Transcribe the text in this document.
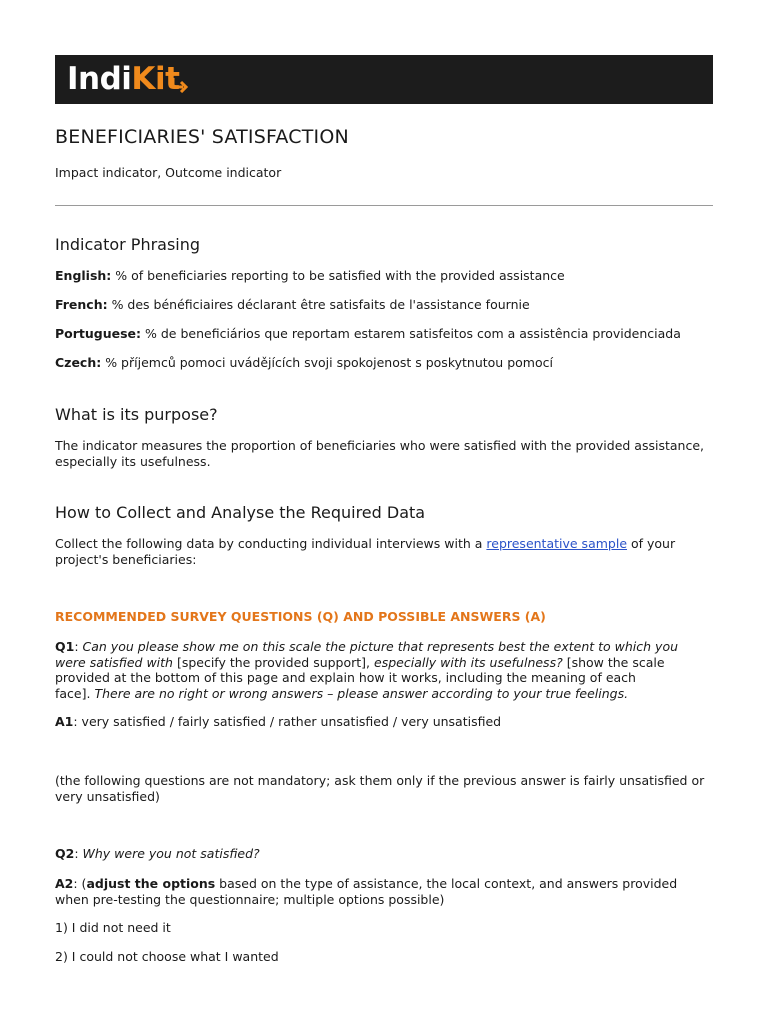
IndiKit
BENEFICIARIES' SATISFACTION
Impact indicator, Outcome indicator
Indicator Phrasing
English: % of beneficiaries reporting to be satisfied with the provided assistance
French: % des bénéficiaires déclarant être satisfaits de l'assistance fournie
Portuguese: % de beneficiários que reportam estarem satisfeitos com a assistência providenciada
Czech: % příjemců pomoci uvádějících svoji spokojenost s poskytnutou pomocí
What is its purpose?
The indicator measures the proportion of beneficiaries who were satisfied with the provided assistance,
especially its usefulness.
How to Collect and Analyse the Required Data
Collect the following data by conducting individual interviews with a representative sample of your
project's beneficiaries:
RECOMMENDED SURVEY QUESTIONS (Q) AND POSSIBLE ANSWERS (A)
Q1: Can you please show me on this scale the picture that represents best the extent to which you
were satisfied with [specify the provided support], especially with its usefulness? [show the scale
provided at the bottom of this page and explain how it works, including the meaning of each
face]. There are no right or wrong answers – please answer according to your true feelings.
A1: very satisfied / fairly satisfied / rather unsatisfied / very unsatisfied
(the following questions are not mandatory; ask them only if the previous answer is fairly unsatisfied or
very unsatisfied)
Q2: Why were you not satisfied?
A2: (adjust the options based on the type of assistance, the local context, and answers provided
when pre-testing the questionnaire; multiple options possible)
1) I did not need it
2) I could not choose what I wanted
